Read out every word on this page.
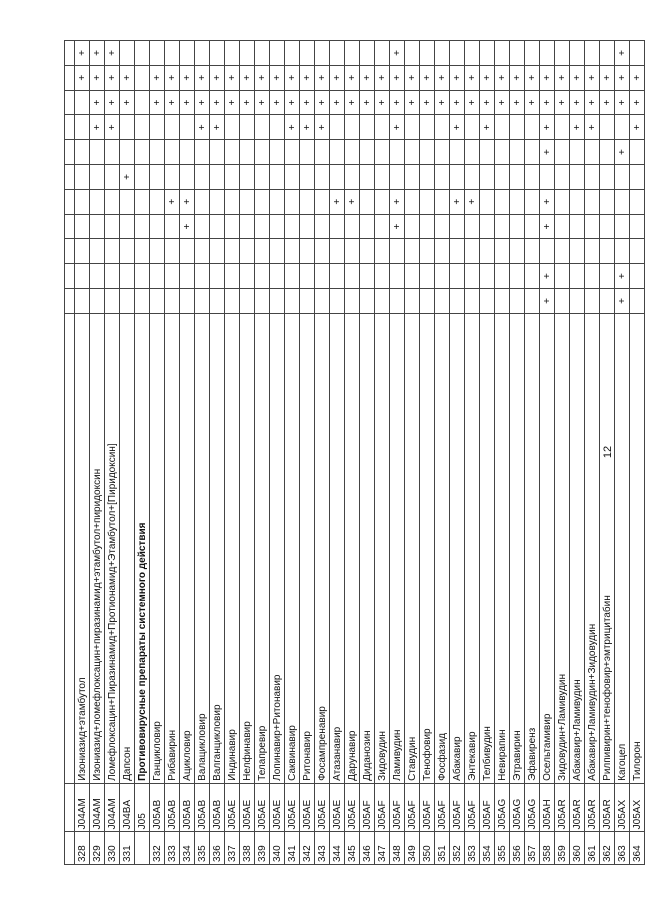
12

328	J04AM	Изониазид+этамбутол										+	+
329	J04AM	Изониазид+ломефлоксацин+пиразинамид+этамбутол+пиридоксин								+	+	+	+
330	J04AM	Ломефлоксацин+Пиразинамид+Протионамид+Этамбутол+[Пиридоксин]								+	+	+	+
331	J04BA	Дапсон						+			+	+	
	J05	Противовирусные препараты системного действия											
332	J05AB	Ганцикловир									+	+	
333	J05AB	Рибавирин					+				+	+	
334	J05AB	Ацикловир				+	+				+	+	
335	J05AB	Валацикловир								+	+	+	
336	J05AB	Валганцикловир								+	+	+	
337	J05AE	Индинавир									+	+	
338	J05AE	Нелфинавир									+	+	
339	J05AE	Телапревир									+	+	
340	J05AE	Лопинавир+Ритонавир									+	+	
341	J05AE	Саквинавир								+	+	+	
342	J05AE	Ритонавир								+	+	+	
343	J05AE	Фосампренавир								+	+	+	
344	J05AE	Атазанавир					+				+	+	
345	J05AE	Дарунавир					+				+	+	
346	J05AF	Диданозин									+	+	
347	J05AF	Зидовудин									+	+	
348	J05AF	Ламивудин				+	+			+	+	+	+
349	J05AF	Ставудин									+	+	
350	J05AF	Тенофовир									+	+	
351	J05AF	Фосфазид									+	+	
352	J05AF	Абакавир					+			+	+	+	
353	J05AF	Энтекавир					+				+	+	
354	J05AF	Телбивудин								+	+	+	
355	J05AG	Невирапин									+	+	
356	J05AG	Этравирин									+	+	
357	J05AG	Эфавиренз									+	+	
358	J05AH	Осельтамивир	+	+		+	+		+	+	+	+	
359	J05AR	Зидовудин+Ламивудин									+	+	
360	J05AR	Абакавир+Ламивудин								+	+	+	
361	J05AR	Абакавир+Ламивудин+Зидовудин								+	+	+	
362	J05AR	Рилпивирин+тенофовир+эмтрицитабин									+	+	
363	J05AX	Кагоцел	+	+					+		+	+	+
364	J05AX	Тилорон								+	+	+	
